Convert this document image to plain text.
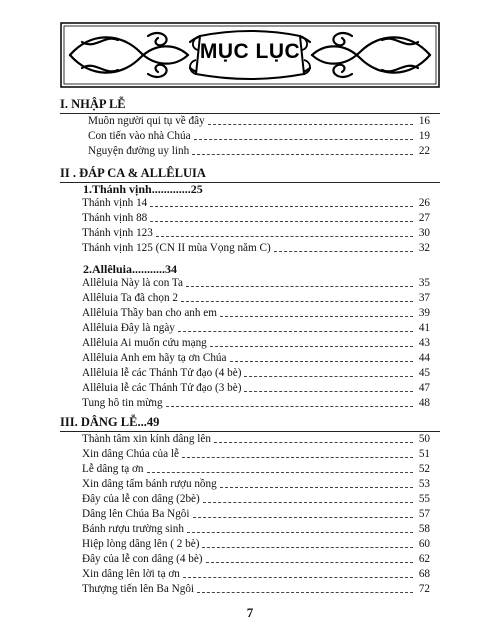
MỤC LỤC
I. NHẬP LỄ
Muôn người qui tụ về đây	16
Con tiến vào nhà Chúa	19
Nguyện đường uy linh	22
II . ĐÁP CA & ALLÊLUIA
1.Thánh vịnh.............25
Thánh vịnh 14	26
Thánh vịnh 88	27
Thánh vịnh 123	30
Thánh vịnh 125 (CN II mùa Vọng năm C)	32
2.Allêluia...........34
Allêluia Này là con Ta	35
Allêluia Ta đã chọn 2	37
Allêluia Thầy ban cho anh em	39
Allêluia Đây là ngày	41
Allêluia Ai muốn cứu mạng	43
Allêluia Anh em hãy tạ ơn Chúa	44
Allêluia lễ các Thánh Tử đạo (4 bè)	45
Allêluia lễ các Thánh Tử đạo (3 bè)	47
Tung hô tin mừng	48
III. DÂNG LỄ...49
Thành tâm xin kính dâng lên	50
Xin dâng Chúa của lễ	51
Lễ dâng tạ ơn	52
Xin dâng tấm bánh rượu nồng	53
Đây của lễ con dâng (2bè)	55
Dâng lên Chúa Ba Ngôi	57
Bánh rượu trường sinh	58
Hiệp lòng dâng lên ( 2 bè)	60
Đây của lễ con dâng (4 bè)	62
Xin dâng lên lời tạ ơn	68
Thượng tiến lên Ba Ngôi	72
7
